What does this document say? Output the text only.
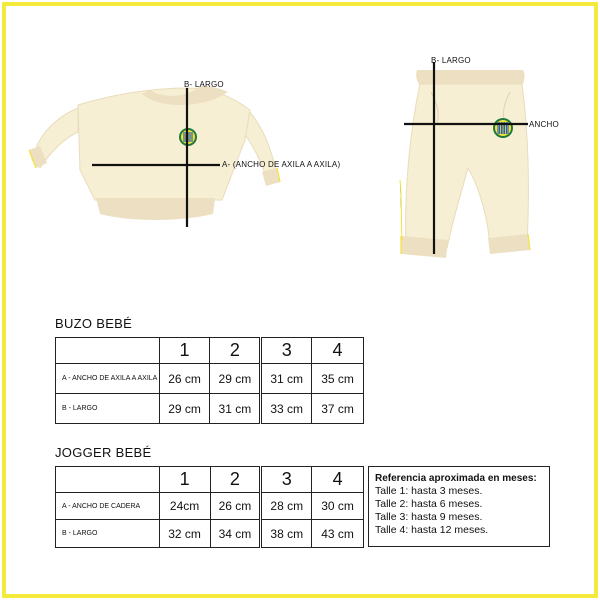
B- LARGO
A- (ANCHO DE AXILA A AXILA)
B- LARGO
ANCHO
BUZO BEBÉ
	1	2	3	4
A - ANCHO DE AXILA A AXILA	26 cm	29 cm	31 cm	35 cm
B - LARGO	29 cm	31 cm	33 cm	37 cm
JOGGER BEBÉ
	1	2	3	4
A - ANCHO DE CADERA	24cm	26 cm	28 cm	30 cm
B - LARGO	32 cm	34 cm	38 cm	43 cm
Referencia aproximada en meses:
Talle 1: hasta 3 meses.
Talle 2: hasta 6 meses.
Talle 3: hasta 9 meses.
Talle 4: hasta 12 meses.
